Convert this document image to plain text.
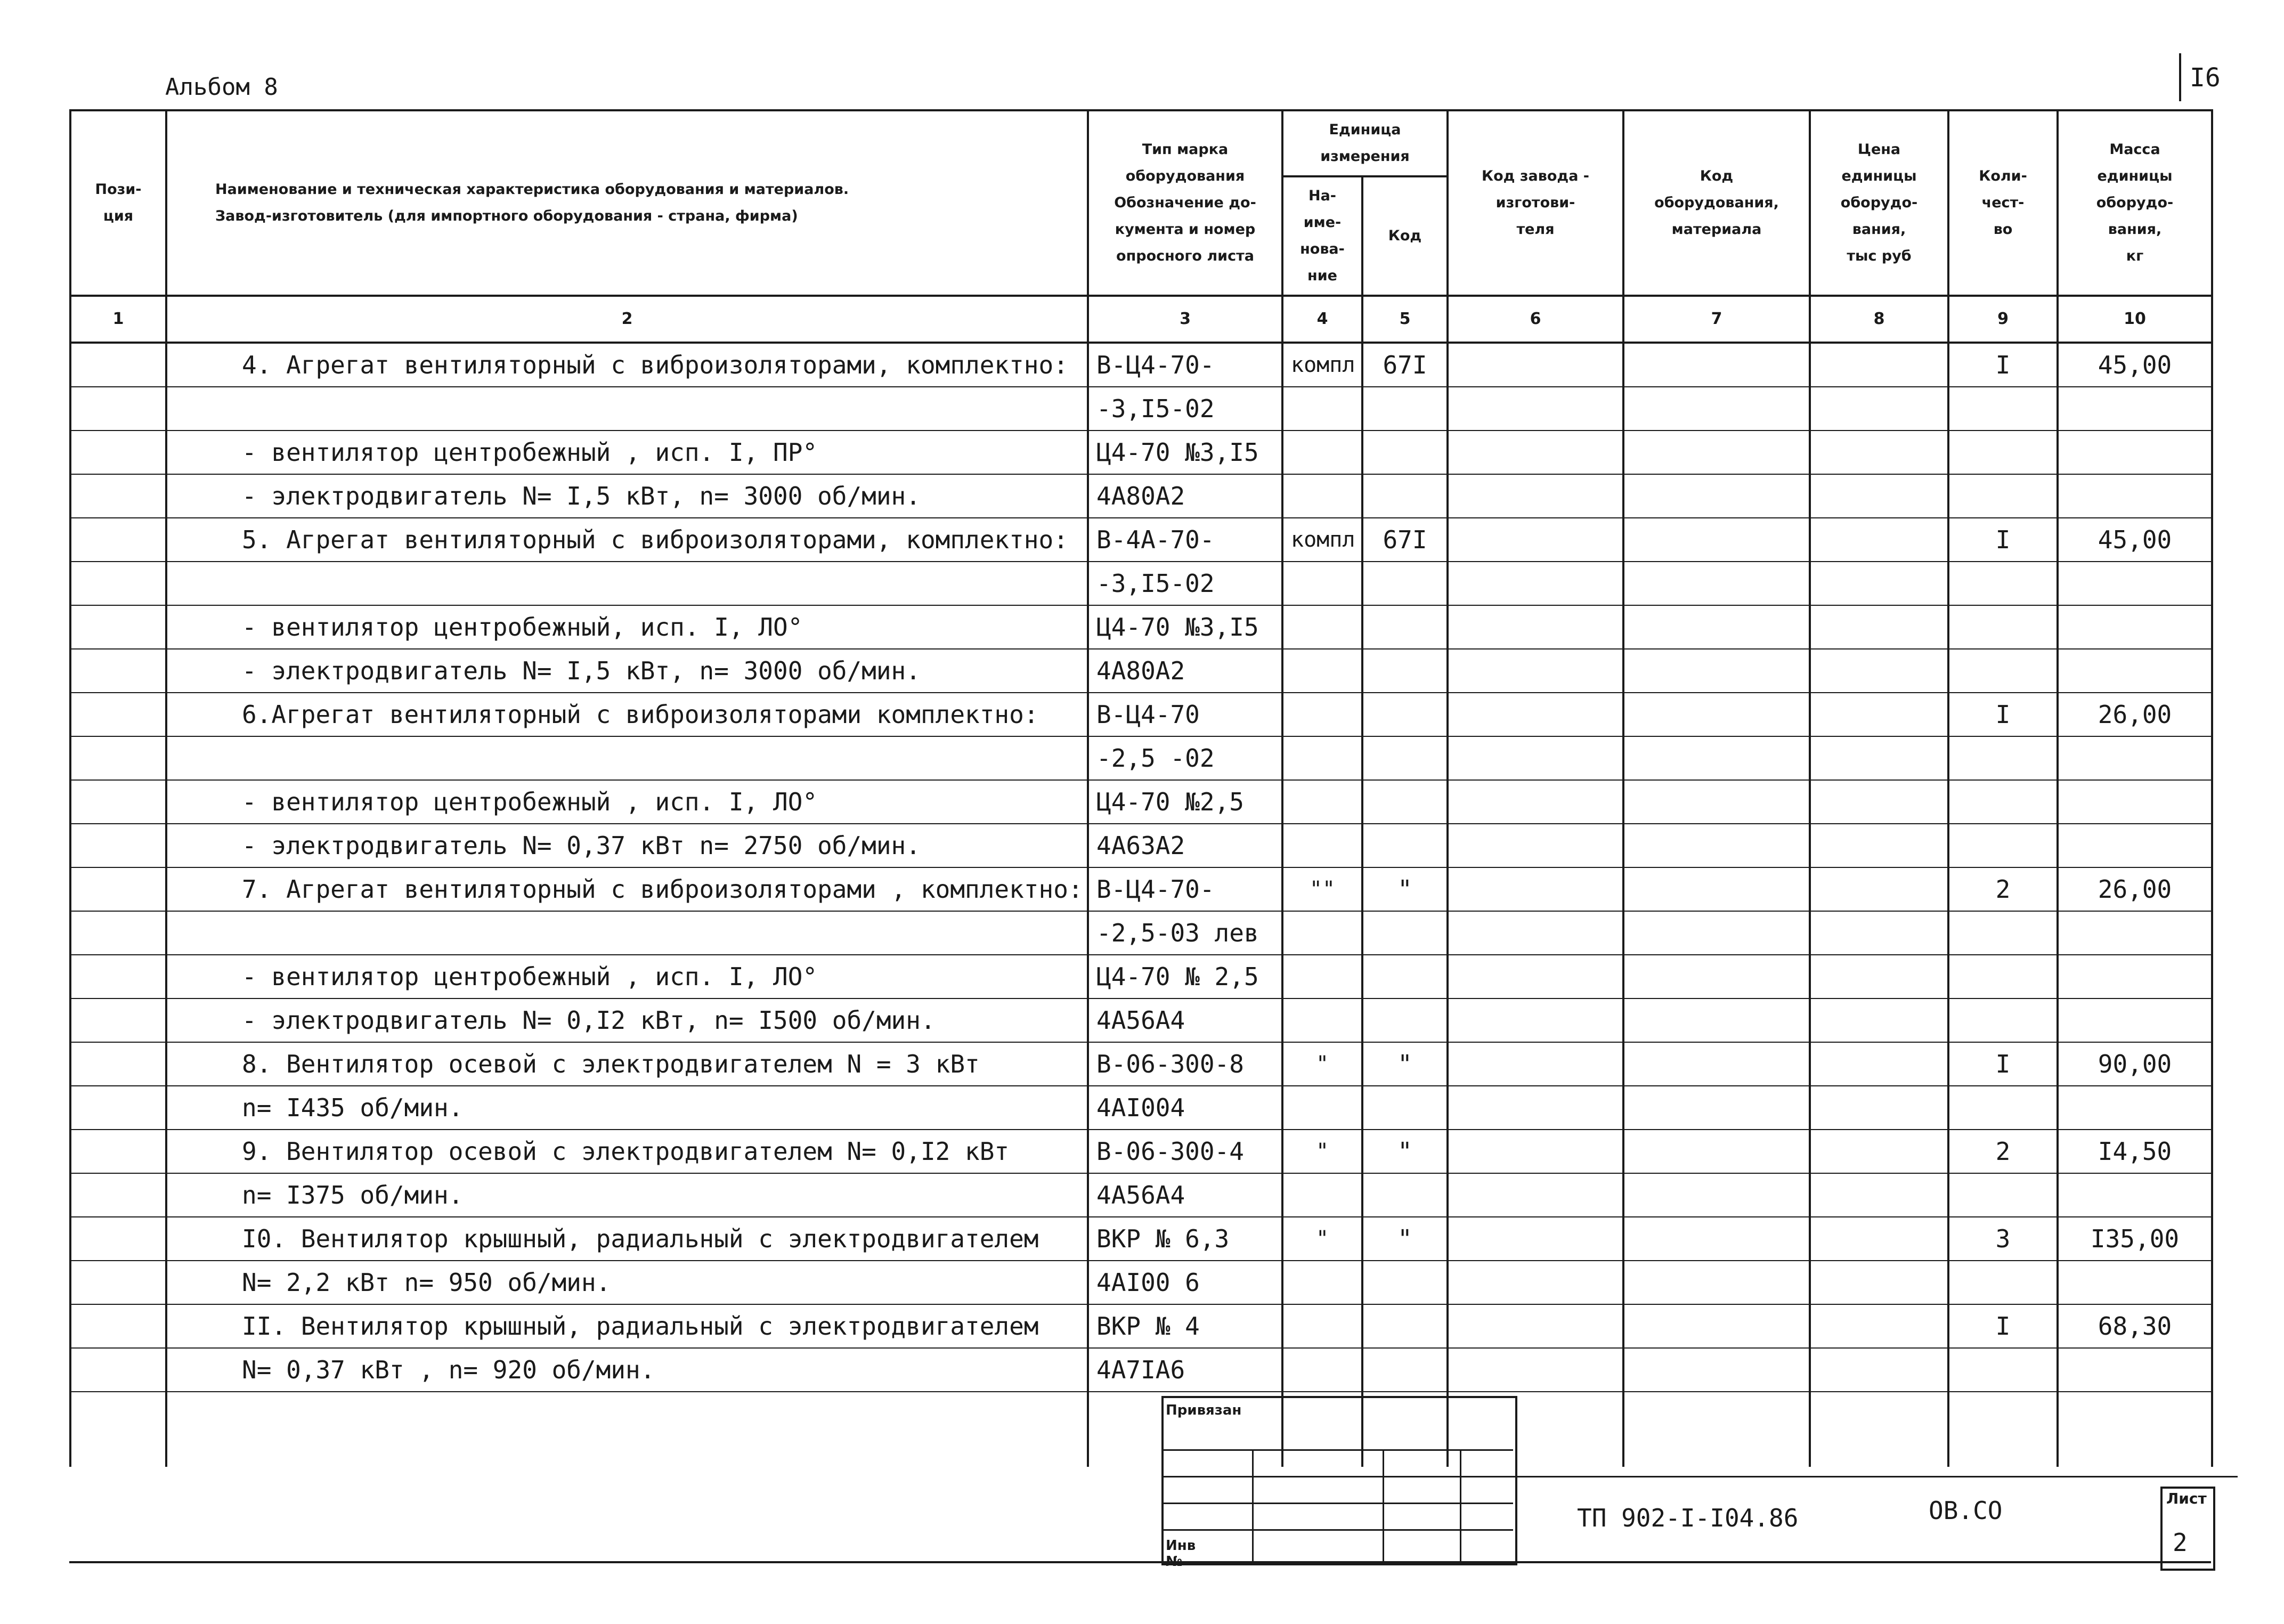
Альбом 8	I6
Пози-
ция	Наименование и техническая характеристика оборудования и материалов.
Завод-изготовитель (для импортного оборудования - страна, фирма)	Тип марка
оборудования
Обозначение до-
кумента и номер
опросного листа	Единица
измерения		Код завода -
изготови-
теля	Код
оборудования,
материала	Цена
единицы
оборудо-
вания,
тыс руб	Коли-
чест-
во	Масса
единицы
оборудо-
вания,
кг
			На-
име-
нова-
ние	Код					
1	2	3	4	5	6	7	8	9	10
	4. Агрегат вентиляторный с виброизоляторами, комплектно:	В-Ц4-70-	компл	67I				I	45,00
		-3,I5-02							
	- вентилятор центробежный , исп. I, ПР°	Ц4-70 №3,I5							
	- электродвигатель N= I,5 кВт, n= 3000 об/мин.	4А80А2							
	5. Агрегат вентиляторный с виброизоляторами, комплектно:	В-4А-70-	компл	67I				I	45,00
		-3,I5-02							
	- вентилятор центробежный, исп. I, ЛО°	Ц4-70 №3,I5							
	- электродвигатель N= I,5 кВт, n= 3000 об/мин.	4А80А2							
	6.Агрегат вентиляторный с виброизоляторами комплектно:	В-Ц4-70						I	26,00
		-2,5 -02							
	- вентилятор центробежный , исп. I, ЛО°	Ц4-70 №2,5							
	- электродвигатель N= 0,37 кВт n= 2750 об/мин.	4А63А2							
	7. Агрегат вентиляторный с виброизоляторами , комплектно:	В-Ц4-70-	""	"				2	26,00
		-2,5-03 лев							
	- вентилятор центробежный , исп. I, ЛО°	Ц4-70 № 2,5							
	- электродвигатель N= 0,I2 кВт, n= I500 об/мин.	4А56А4							
	8. Вентилятор осевой с электродвигателем N = 3 кВт	В-06-300-8	"	"				I	90,00
	n= I435 об/мин.	4АI004							
	9. Вентилятор осевой с электродвигателем N= 0,I2 кВт	В-06-300-4	"	"				2	I4,50
	n= I375 об/мин.	4А56А4							
	I0. Вентилятор крышный, радиальный с электродвигателем	ВКР № 6,3	"	"				3	I35,00
	N= 2,2 кВт n= 950 об/мин.	4АI00 6							
	II. Вентилятор крышный, радиальный с электродвигателем	ВКР № 4						I	68,30
	N= 0,37 кВт , n= 920 об/мин.	4А7IА6							

Привязан
Инв №
ТП 902-I-I04.86	ОВ.СО	Лист
2
